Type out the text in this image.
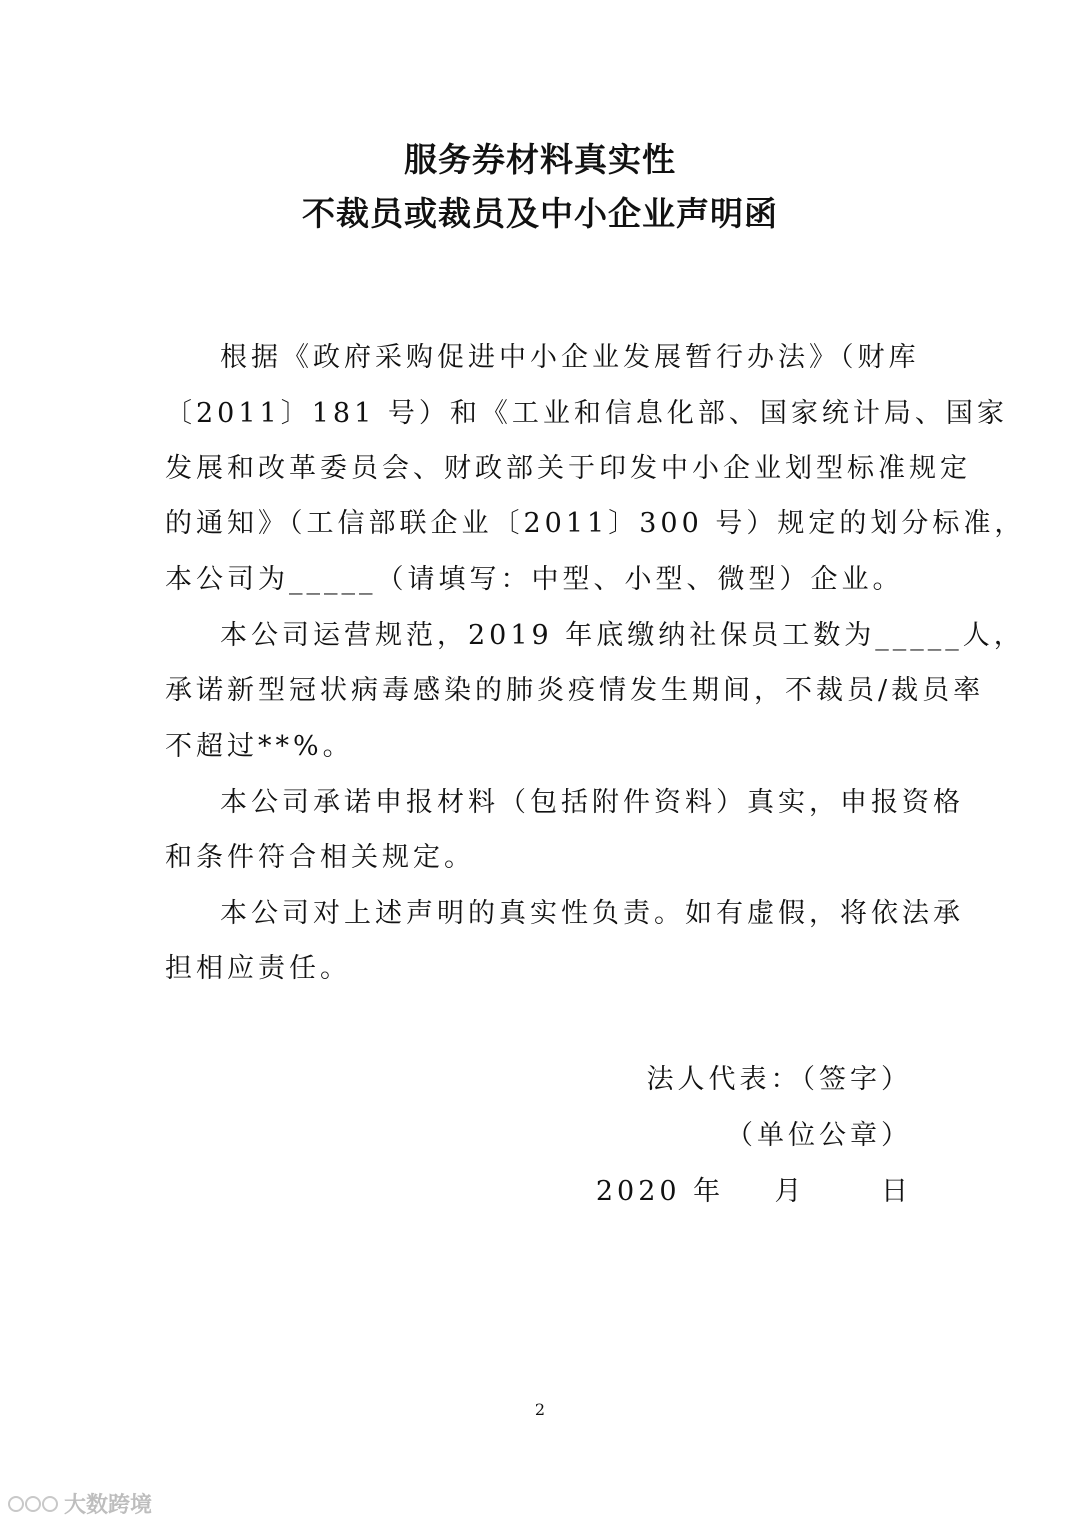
服务券材料真实性
不裁员或裁员及中小企业声明函
根据《政府采购促进中小企业发展暂行办法》（财库
〔2011〕181 号）和《工业和信息化部、国家统计局、国家
发展和改革委员会、财政部关于印发中小企业划型标准规定
的通知》（工信部联企业〔2011〕300 号）规定的划分标准，
本公司为_____（请填写：中型、小型、微型）企业。
本公司运营规范，2019 年底缴纳社保员工数为_____人，
承诺新型冠状病毒感染的肺炎疫情发生期间，不裁员/裁员率
不超过**%。
本公司承诺申报材料（包括附件资料）真实，申报资格
和条件符合相关规定。
本公司对上述声明的真实性负责。如有虚假，将依法承
担相应责任。
法人代表：（签字）
（单位公章）
2020 年    月      日
2
大数跨境
